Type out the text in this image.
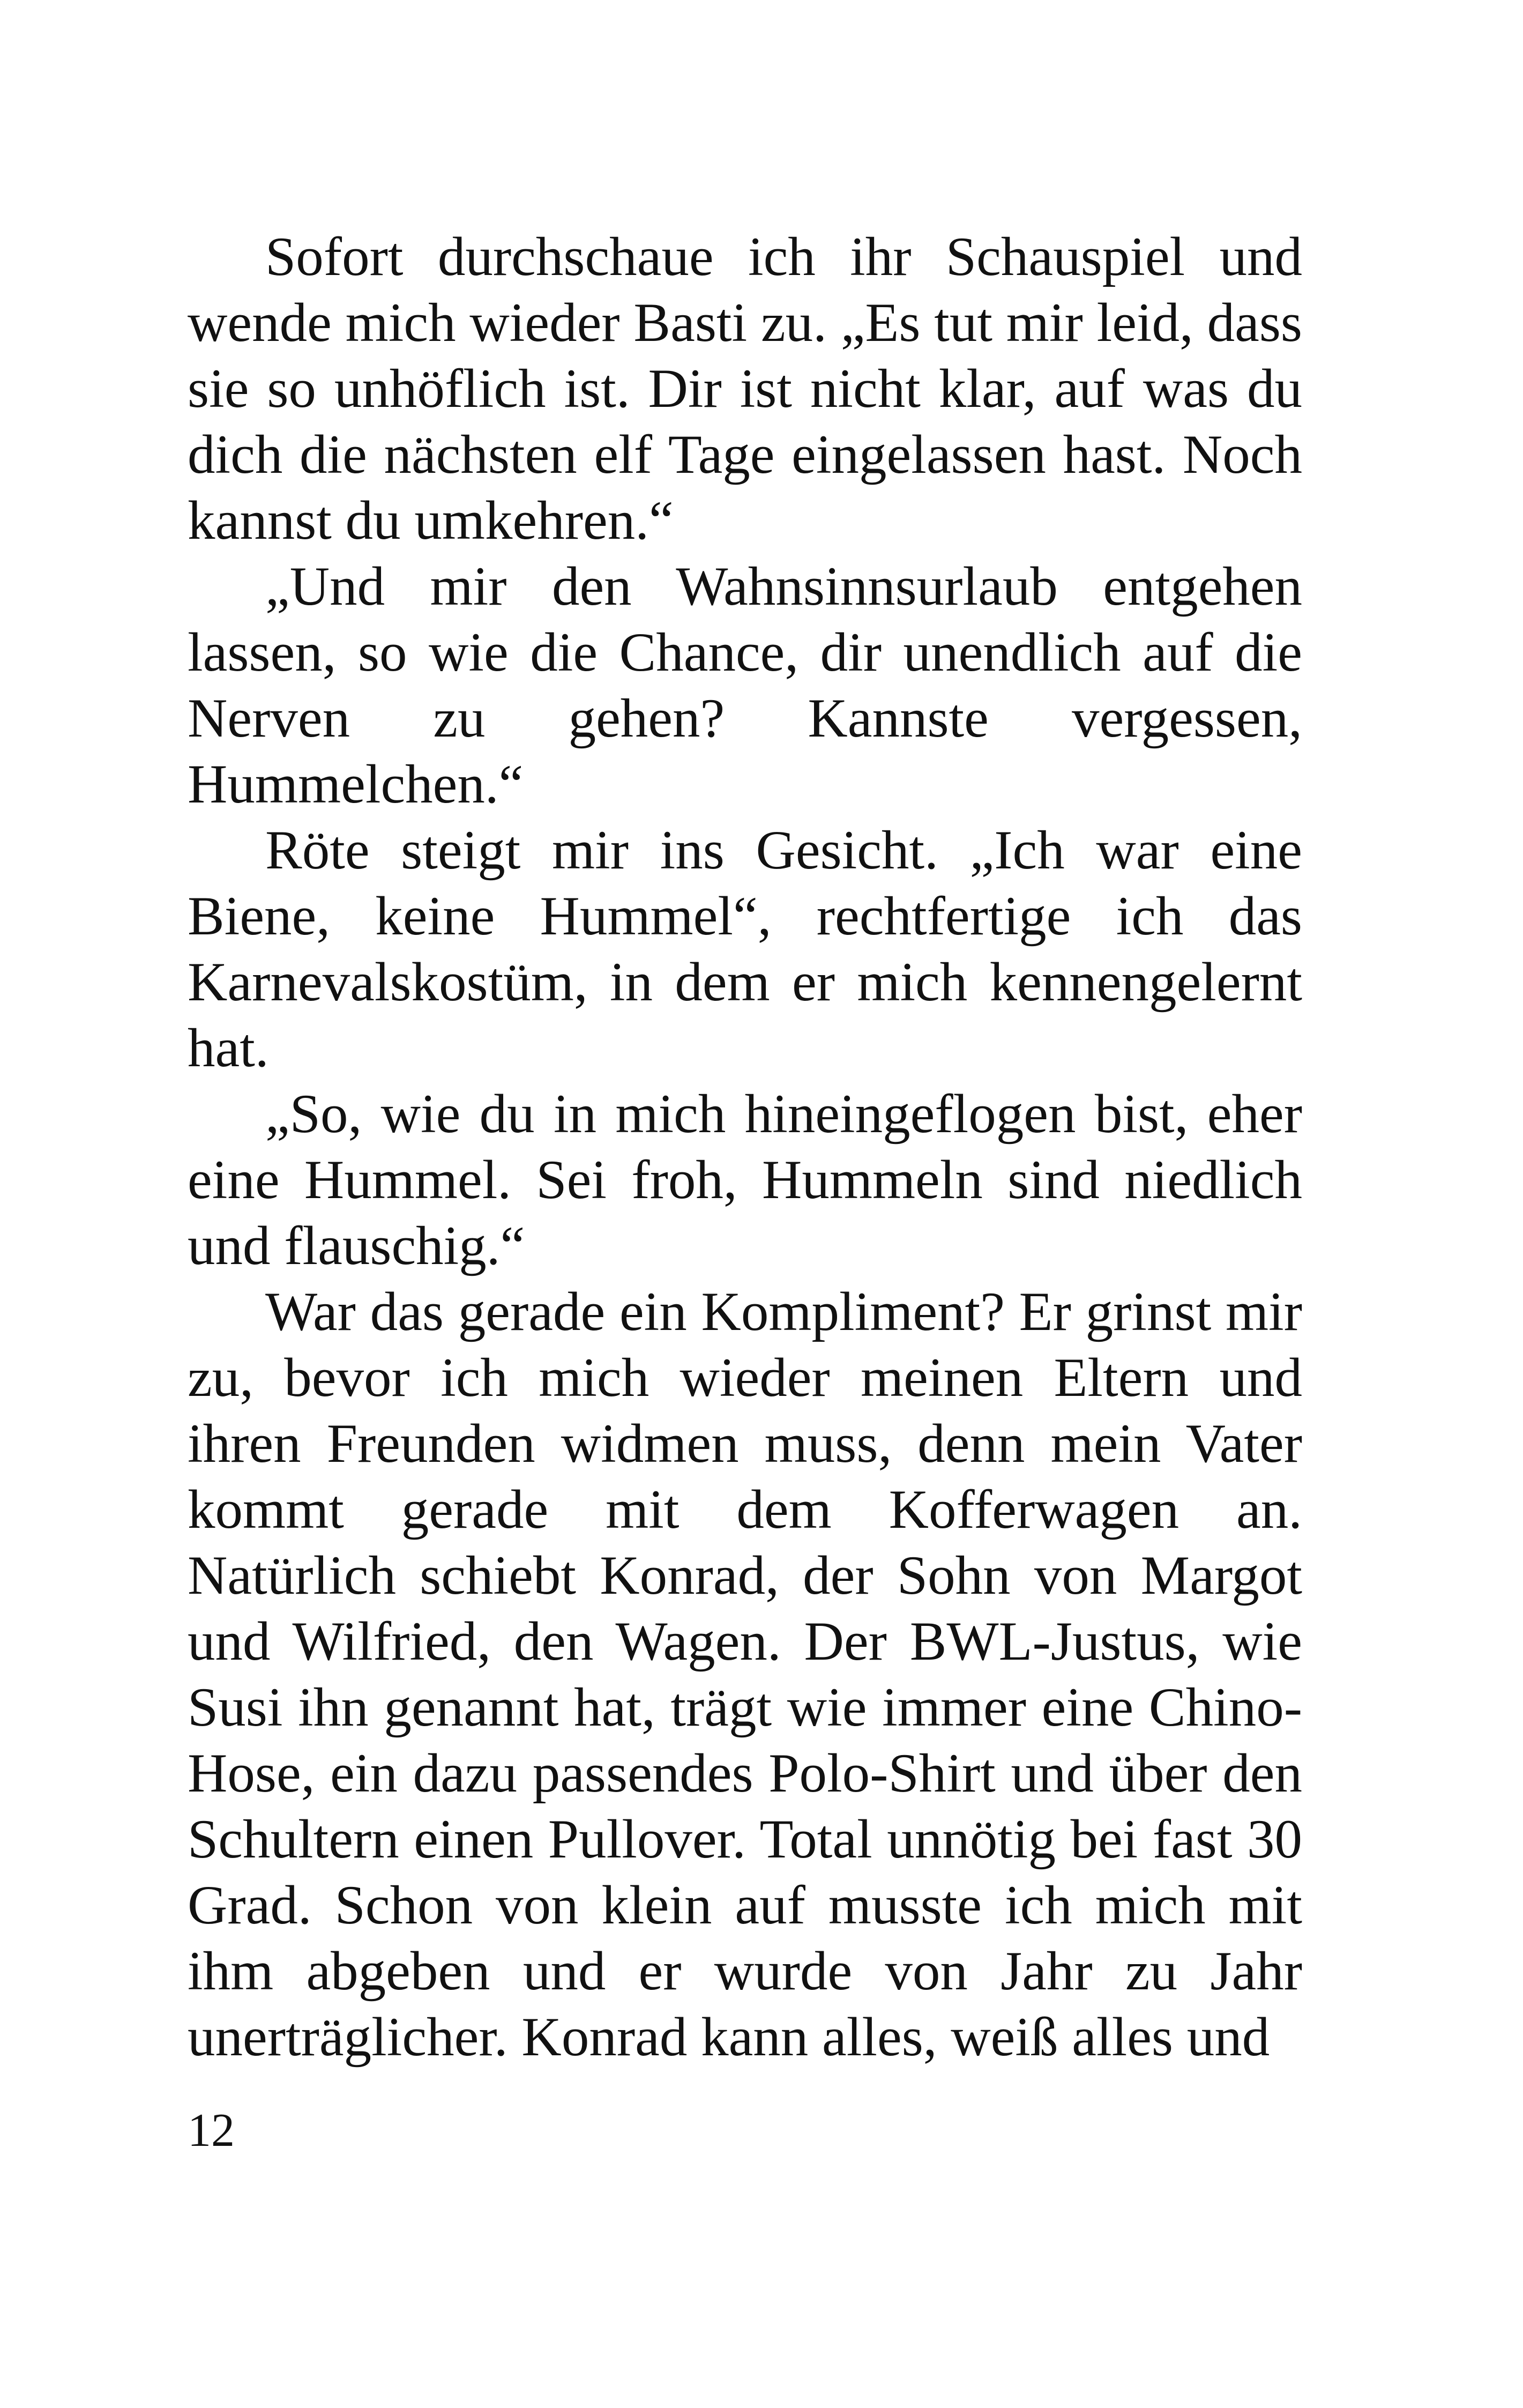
Sofort durchschaue ich ihr Schauspiel und wende mich wieder Basti zu. „Es tut mir leid, dass sie so unhöflich ist. Dir ist nicht klar, auf was du dich die nächsten elf Tage eingelassen hast. Noch kannst du umkehren.“

„Und mir den Wahnsinnsurlaub entgehen lassen, so wie die Chance, dir unendlich auf die Nerven zu gehen? Kannste vergessen, Hummelchen.“

Röte steigt mir ins Gesicht. „Ich war eine Biene, keine Hummel“, rechtfertige ich das Karnevalskostüm, in dem er mich kennengelernt hat.

„So, wie du in mich hineingeflogen bist, eher eine Hummel. Sei froh, Hummeln sind niedlich und flauschig.“

War das gerade ein Kompliment? Er grinst mir zu, bevor ich mich wieder meinen Eltern und ihren Freunden widmen muss, denn mein Vater kommt gerade mit dem Kofferwagen an. Natürlich schiebt Konrad, der Sohn von Margot und Wilfried, den Wagen. Der BWL-Justus, wie Susi ihn genannt hat, trägt wie immer eine Chino-Hose, ein dazu passendes Polo-Shirt und über den Schultern einen Pullover. Total unnötig bei fast 30 Grad. Schon von klein auf musste ich mich mit ihm abgeben und er wurde von Jahr zu Jahr unerträglicher. Konrad kann alles, weiß alles und

12
